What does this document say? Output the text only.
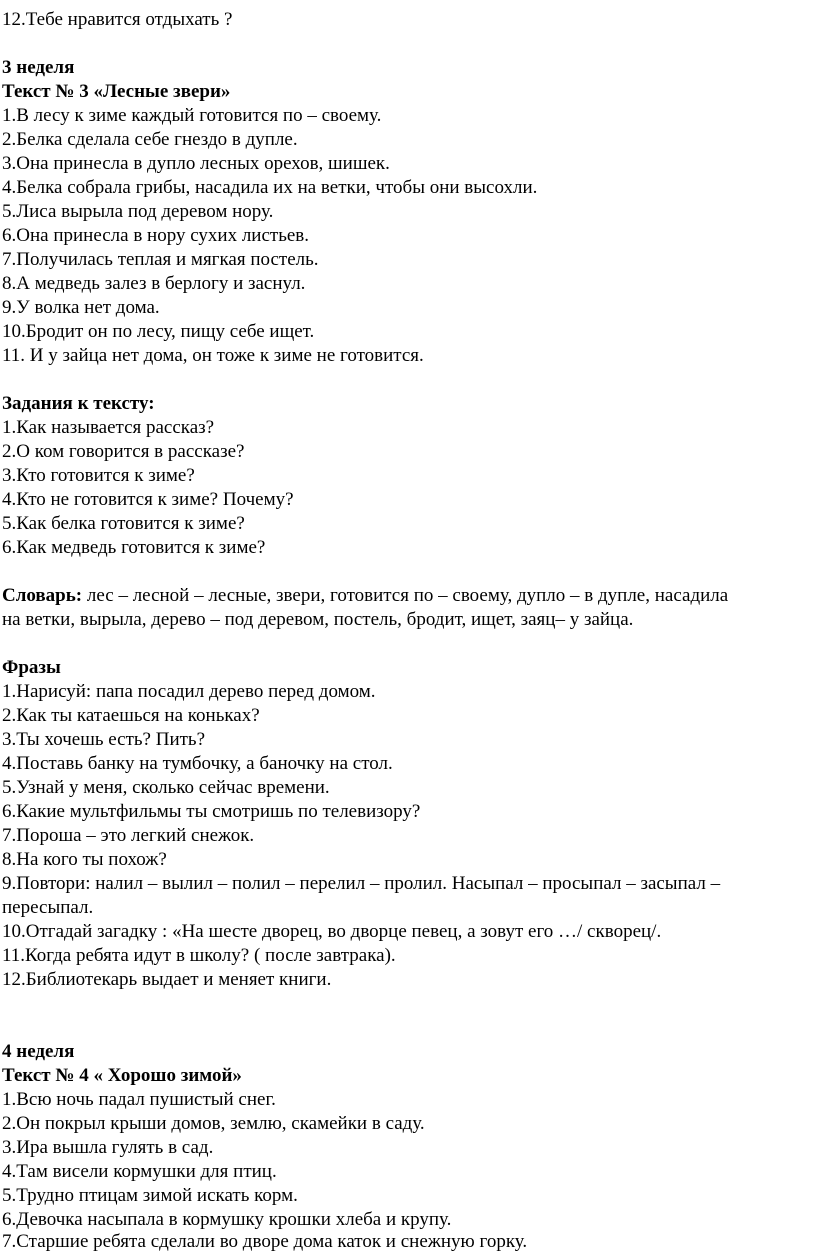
12.Тебе нравится отдыхать ?
3 неделя
Текст № 3 «Лесные звери»
1.В лесу к зиме каждый готовится по – своему.
2.Белка сделала себе гнездо в дупле.
3.Она принесла в дупло лесных орехов, шишек.
4.Белка собрала грибы, насадила их на ветки, чтобы они высохли.
5.Лиса вырыла под деревом нору.
6.Она принесла в нору сухих листьев.
7.Получилась теплая и мягкая постель.
8.А медведь залез в берлогу и заснул.
9.У волка нет дома.
10.Бродит он по лесу, пищу себе ищет.
11. И у зайца нет дома, он тоже к зиме не готовится.
Задания к тексту:
1.Как называется рассказ?
2.О ком говорится в рассказе?
3.Кто готовится к зиме?
4.Кто не готовится к зиме? Почему?
5.Как белка готовится к зиме?
6.Как медведь готовится к зиме?
Словарь: лес – лесной – лесные, звери, готовится по – своему, дупло – в дупле, насадила
на ветки, вырыла, дерево – под деревом, постель, бродит, ищет, заяц– у зайца.
Фразы
1.Нарисуй: папа посадил дерево перед домом.
2.Как ты катаешься на коньках?
3.Ты хочешь есть? Пить?
4.Поставь банку на тумбочку, а баночку на стол.
5.Узнай у меня, сколько сейчас времени.
6.Какие мультфильмы ты смотришь по телевизору?
7.Пороша – это легкий снежок.
8.На кого ты похож?
9.Повтори: налил – вылил – полил – перелил – пролил. Насыпал – просыпал – засыпал –
пересыпал.
10.Отгадай загадку : «На шесте дворец, во дворце певец, а зовут его …/ скворец/.
11.Когда ребята идут в школу? ( после завтрака).
12.Библиотекарь выдает и меняет книги.
4 неделя
Текст № 4 « Хорошо зимой»
1.Всю ночь падал пушистый снег.
2.Он покрыл крыши домов, землю, скамейки в саду.
3.Ира вышла гулять в сад.
4.Там висели кормушки для птиц.
5.Трудно птицам зимой искать корм.
6.Девочка насыпала в кормушку крошки хлеба и крупу.
7.Старшие ребята сделали во дворе дома каток и снежную горку.
